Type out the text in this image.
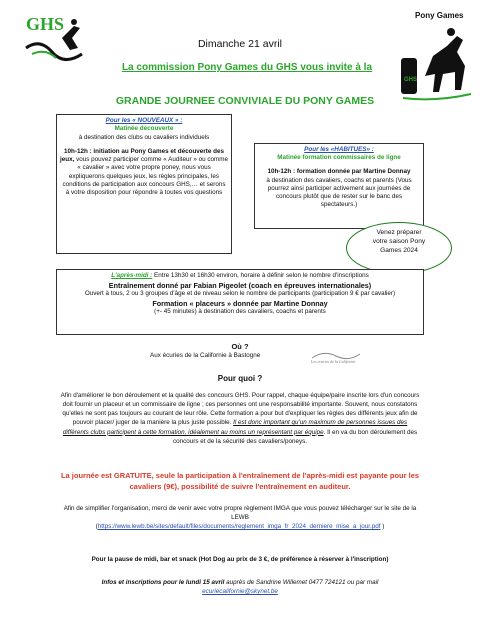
GHS
GHS
Pony Games
Dimanche 21 avril
La commission Pony Games du GHS vous invite à la
GRANDE JOURNEE CONVIVIALE DU PONY GAMES
Pour les « NOUVEAUX » :
Matinée découverte
à destination des clubs ou cavaliers individuels
10h-12h : initiation au Pony Games et découverte des jeux, vous pouvez participer comme « Auditeur » ou comme « cavalier » avec votre propre poney, nous vous expliquerons quelques jeux, les règles principales, les conditions de participation aux concours GHS,… et serons à votre disposition pour répondre à toutes vos questions
Pour les «HABITUES» :
Matinée formation commissaires de ligne
10h-12h : formation donnée par Martine Donnay
à destination des cavaliers, coachs et parents (Vous pourrez ainsi participer activement aux journées de concours plutôt que de rester sur le banc des spectateurs.)
Venez préparer
votre saison Pony
Games 2024
L'après-midi : Entre 13h30 et 16h30 environ, horaire à définir selon le nombre d'inscriptions
Entraînement donné par Fabian Pigeolet (coach en épreuves internationales)
Ouvert à tous, 2 ou 3 groupes d'âge et de niveau selon le nombre de participants (participation 9 € par cavalier)
Formation « placeurs » donnée par Martine Donnay
(+- 45 minutes) à destination des cavaliers, coachs et parents
Où ?
Aux écuries de la Californie à Bastogne
Les écuries de la Californie
Pour quoi ?
Afin d'améliorer le bon déroulement et la qualité des concours GHS. Pour rappel, chaque équipe/paire inscrite lors d'un concours doit fournir un placeur et un commissaire de ligne ; ces personnes ont une responsabilité importante. Souvent, nous constatons qu'elles ne sont pas toujours au courant de leur rôle. Cette formation a pour but d'expliquer les règles des différents jeux afin de pouvoir placer/ juger de la manière la plus juste possible. Il est donc important qu'un maximum de personnes issues des différents clubs participent à cette formation, idéalement au moins un représentant par équipe. Il en va du bon déroulement des concours et de la sécurité des cavaliers/poneys.
La journée est GRATUITE, seule la participation à l'entraînement de l'après-midi est payante pour les cavaliers (9€), possibilité de suivre l'entraînement en auditeur.
Afin de simplifier l'organisation, merci de venir avec votre propre règlement IMGA que vous pouvez télécharger sur le site de la LEWB
(https://www.lewb.be/sites/default/files/documents/reglement_imga_fr_2024_derniere_mise_a_jour.pdf )
Pour la pause de midi, bar et snack (Hot Dog au prix de 3 €, de préférence à réserver à l'inscription)
Infos et inscriptions pour le lundi 15 avril auprès de Sandrine Willemet 0477 724121 ou par mail
ecuriecalifornie@skynet.be
